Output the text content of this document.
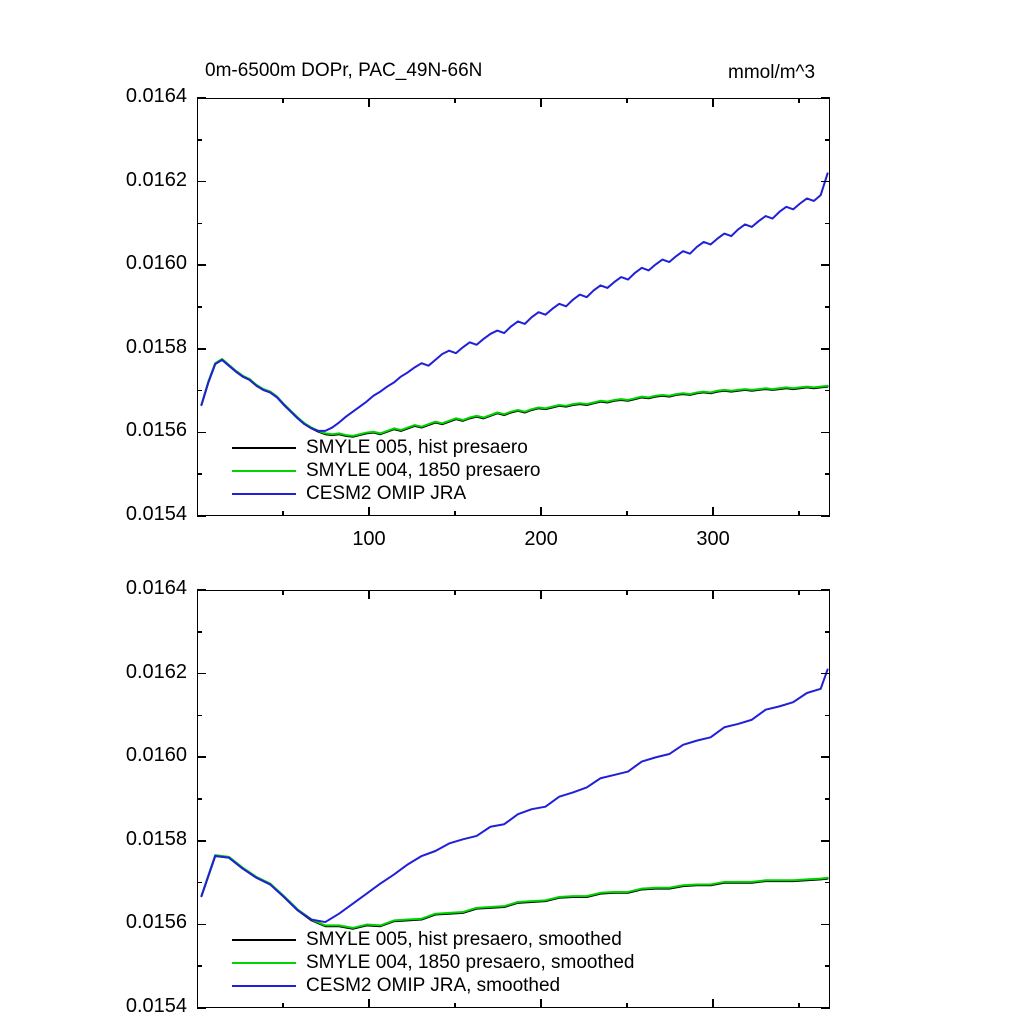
0m-6500m DOPr, PAC_49N-66N	mmol/m^3
0.0154
0.0156
0.0158
0.0160
0.0162
0.0164
100	200	300
SMYLE 005, hist presaero
SMYLE 004, 1850 presaero
CESM2 OMIP JRA
0.0154
0.0156
0.0158
0.0160
0.0162
0.0164
SMYLE 005, hist presaero, smoothed
SMYLE 004, 1850 presaero, smoothed
CESM2 OMIP JRA, smoothed
